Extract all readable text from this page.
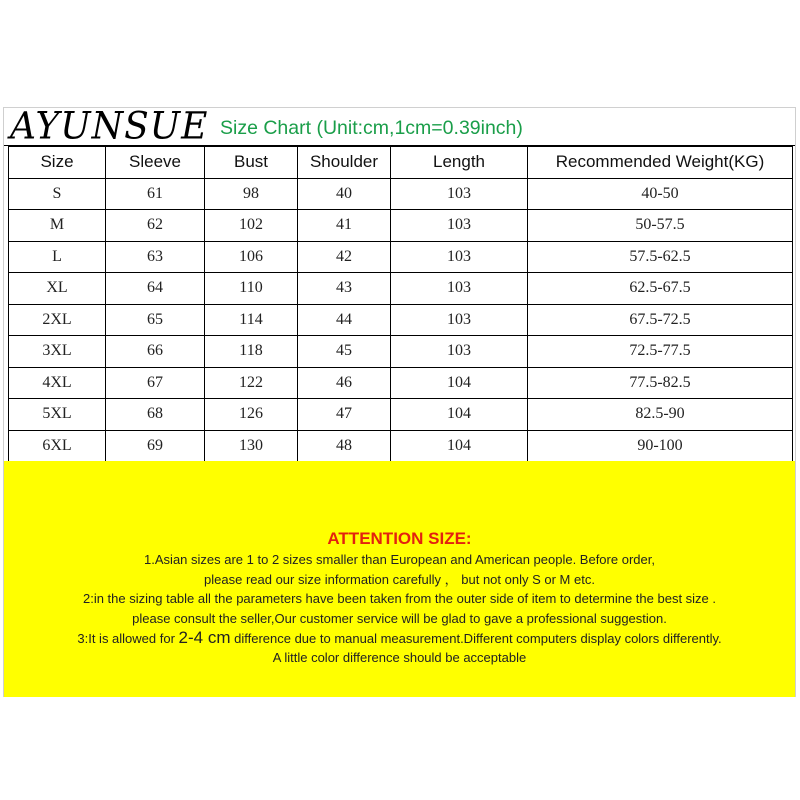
AYUNSUE Size Chart (Unit:cm,1cm=0.39inch)
Size	Sleeve	Bust	Shoulder	Length	Recommended Weight(KG)
S	61	98	40	103	40-50
M	62	102	41	103	50-57.5
L	63	106	42	103	57.5-62.5
XL	64	110	43	103	62.5-67.5
2XL	65	114	44	103	67.5-72.5
3XL	66	118	45	103	72.5-77.5
4XL	67	122	46	104	77.5-82.5
5XL	68	126	47	104	82.5-90
6XL	69	130	48	104	90-100
ATTENTION SIZE:
1.Asian sizes are 1 to 2 sizes smaller than European and American people. Before order,
please read our size information carefully ， but not only S or M etc.
2:in the sizing table all the parameters have been taken from the outer side of item to determine the best size .
please consult the seller,Our customer service will be glad to gave a professional suggestion.
3:It is allowed for 2-4 cm difference due to manual measurement.Different computers display colors differently.
A little color difference should be acceptable
